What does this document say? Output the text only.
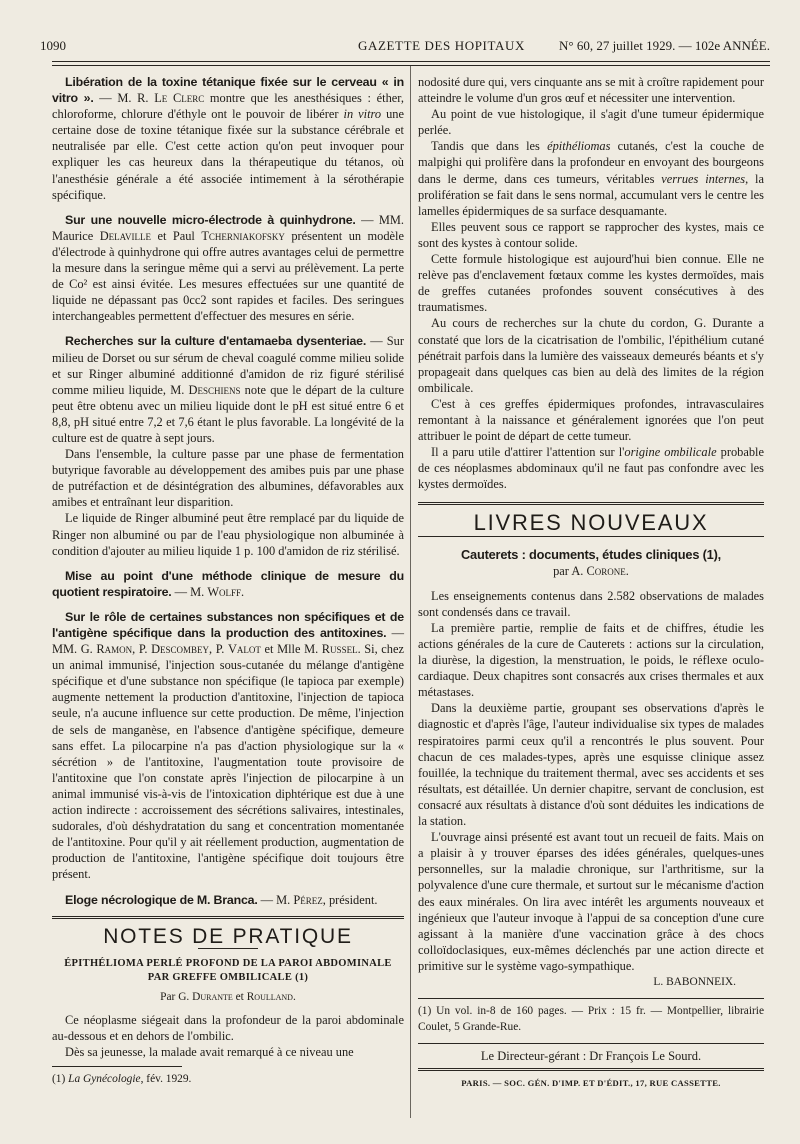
1090	GAZETTE DES HOPITAUX	N° 60, 27 juillet 1929. — 102e ANNÉE.

Libération de la toxine tétanique fixée sur le cerveau « in vitro ». — M. R. Le Clerc montre que les anesthésiques : éther, chloroforme, chlorure d'éthyle ont le pouvoir de libérer in vitro une certaine dose de toxine tétanique fixée sur la substance cérébrale et neutralisée par elle. C'est cette action qu'on peut invoquer pour expliquer les cas heureux dans la thérapeutique du tétanos, où l'anesthésie générale a été associée intimement à la sérothérapie spécifique.

Sur une nouvelle micro-électrode à quinhydrone. — MM. Maurice Delaville et Paul Tcherniakofsky présentent un modèle d'électrode à quinhydrone qui offre autres avantages celui de permettre la mesure dans la seringue même qui a servi au prélèvement. La perte de Co² est ainsi évitée. Les mesures effectuées sur une quantité de liquide ne dépassant pas 0cc2 sont rapides et faciles. Des seringues interchangeables permettent d'effectuer des mesures en série.

Recherches sur la culture d'entamaeba dysenteriae. — Sur milieu de Dorset ou sur sérum de cheval coagulé comme milieu solide et sur Ringer albuminé additionné d'amidon de riz figuré stérilisé comme milieu liquide, M. Deschiens note que le départ de la culture peut être obtenu avec un milieu liquide dont le pH est situé entre 6 et 8,8, pH situé entre 7,2 et 7,6 étant le plus favorable. La longévité de la culture est de quatre à sept jours.

Dans l'ensemble, la culture passe par une phase de fermentation butyrique favorable au développement des amibes puis par une phase de putréfaction et de désintégration des albumines, défavorables aux amibes et entraînant leur disparition.

Le liquide de Ringer albuminé peut être remplacé par du liquide de Ringer non albuminé ou par de l'eau physiologique non albuminée à condition d'ajouter au milieu liquide 1 p. 100 d'amidon de riz stérilisé.

Mise au point d'une méthode clinique de mesure du quotient respiratoire. — M. Wolff.

Sur le rôle de certaines substances non spécifiques et de l'antigène spécifique dans la production des antitoxines. — MM. G. Ramon, P. Descombey, P. Valot et Mlle M. Russel. Si, chez un animal immunisé, l'injection sous-cutanée du mélange d'antigène spécifique et d'une substance non spécifique (le tapioca par exemple) augmente nettement la production d'antitoxine, l'injection de tapioca seule, n'a aucune influence sur cette production. De même, l'injection de sels de manganèse, en l'absence d'antigène spécifique, demeure sans effet. La pilocarpine n'a pas d'action physiologique sur la « sécrétion » de l'antitoxine, l'augmentation toute provisoire de l'antitoxine que l'on constate après l'injection de pilocarpine à un animal immunisé vis-à-vis de l'intoxication diphtérique est due à une action indirecte : accroissement des sécrétions salivaires, intestinales, sudorales, d'où déshydratation du sang et concentration momentanée de l'antitoxine. Pour qu'il y ait réellement production, augmentation de production de l'antitoxine, l'antigène spécifique doit toujours être présent.

Eloge nécrologique de M. Branca. — M. Pérez, président.

NOTES DE PRATIQUE
ÉPITHÉLIOMA PERLÉ PROFOND DE LA PAROI ABDOMINALE PAR GREFFE OMBILICALE (1)

Par G. Durante et Roulland.

Ce néoplasme siégeait dans la profondeur de la paroi abdominale au-dessous et en dehors de l'ombilic.

Dès sa jeunesse, la malade avait remarqué à ce niveau une

(1) La Gynécologie, fév. 1929.

nodosité dure qui, vers cinquante ans se mit à croître rapidement pour atteindre le volume d'un gros œuf et nécessiter une intervention.

Au point de vue histologique, il s'agit d'une tumeur épidermique perlée.

Tandis que dans les épithéliomas cutanés, c'est la couche de malpighi qui prolifère dans la profondeur en envoyant des bourgeons dans le derme, dans ces tumeurs, véritables verrues internes, la prolifération se fait dans le sens normal, accumulant vers le centre les lamelles épidermiques de sa surface desquamante.

Elles peuvent sous ce rapport se rapprocher des kystes, mais ce sont des kystes à contour solide.

Cette formule histologique est aujourd'hui bien connue. Elle ne relève pas d'enclavement fœtaux comme les kystes dermoïdes, mais de greffes cutanées profondes souvent consécutives à des traumatismes.

Au cours de recherches sur la chute du cordon, G. Durante a constaté que lors de la cicatrisation de l'ombilic, l'épithélium cutané pénétrait parfois dans la lumière des vaisseaux demeurés béants et s'y propageait dans quelques cas bien au delà des limites de la région ombilicale.

C'est à ces greffes épidermiques profondes, intravasculaires remontant à la naissance et généralement ignorées que l'on peut attribuer le point de départ de cette tumeur.

Il a paru utile d'attirer l'attention sur l'origine ombilicale probable de ces néoplasmes abdominaux qu'il ne faut pas confondre avec les kystes dermoïdes.

LIVRES NOUVEAUX
Cauterets : documents, études cliniques (1),

par A. Corone.

Les enseignements contenus dans 2.582 observations de malades sont condensés dans ce travail.

La première partie, remplie de faits et de chiffres, étudie les actions générales de la cure de Cauterets : actions sur la circulation, la diurèse, la digestion, la menstruation, le poids, le réflexe oculo-cardiaque. Deux chapitres sont consacrés aux crises thermales et aux métastases.

Dans la deuxième partie, groupant ses observations d'après le diagnostic et d'après l'âge, l'auteur individualise six types de malades respiratoires parmi ceux qu'il a rencontrés le plus souvent. Pour chacun de ces malades-types, après une esquisse clinique assez fouillée, la technique du traitement thermal, avec ses accidents et ses résultats, est détaillée. Un dernier chapitre, servant de conclusion, est consacré aux résultats à distance d'où sont déduites les indications de la station.

L'ouvrage ainsi présenté est avant tout un recueil de faits. Mais on a plaisir à y trouver éparses des idées générales, quelques-unes personnelles, sur la maladie chronique, sur l'arthritisme, sur la polyvalence d'une cure thermale, et surtout sur le mécanisme d'action des eaux minérales. On lira avec intérêt les arguments nouveaux et ingénieux que l'auteur invoque à l'appui de sa conception d'une cure agissant à la manière d'une vaccination grâce à des chocs colloïdoclasiques, eux-mêmes déclenchés par une action directe et primitive sur le système vago-sympathique.

L. BABONNEIX.

(1) Un vol. in-8 de 160 pages. — Prix : 15 fr. — Montpellier, librairie Coulet, 5 Grande-Rue.

Le Directeur-gérant : Dr François Le Sourd.
PARIS. — SOC. GÉN. D'IMP. ET D'ÉDIT., 17, RUE CASSETTE.
